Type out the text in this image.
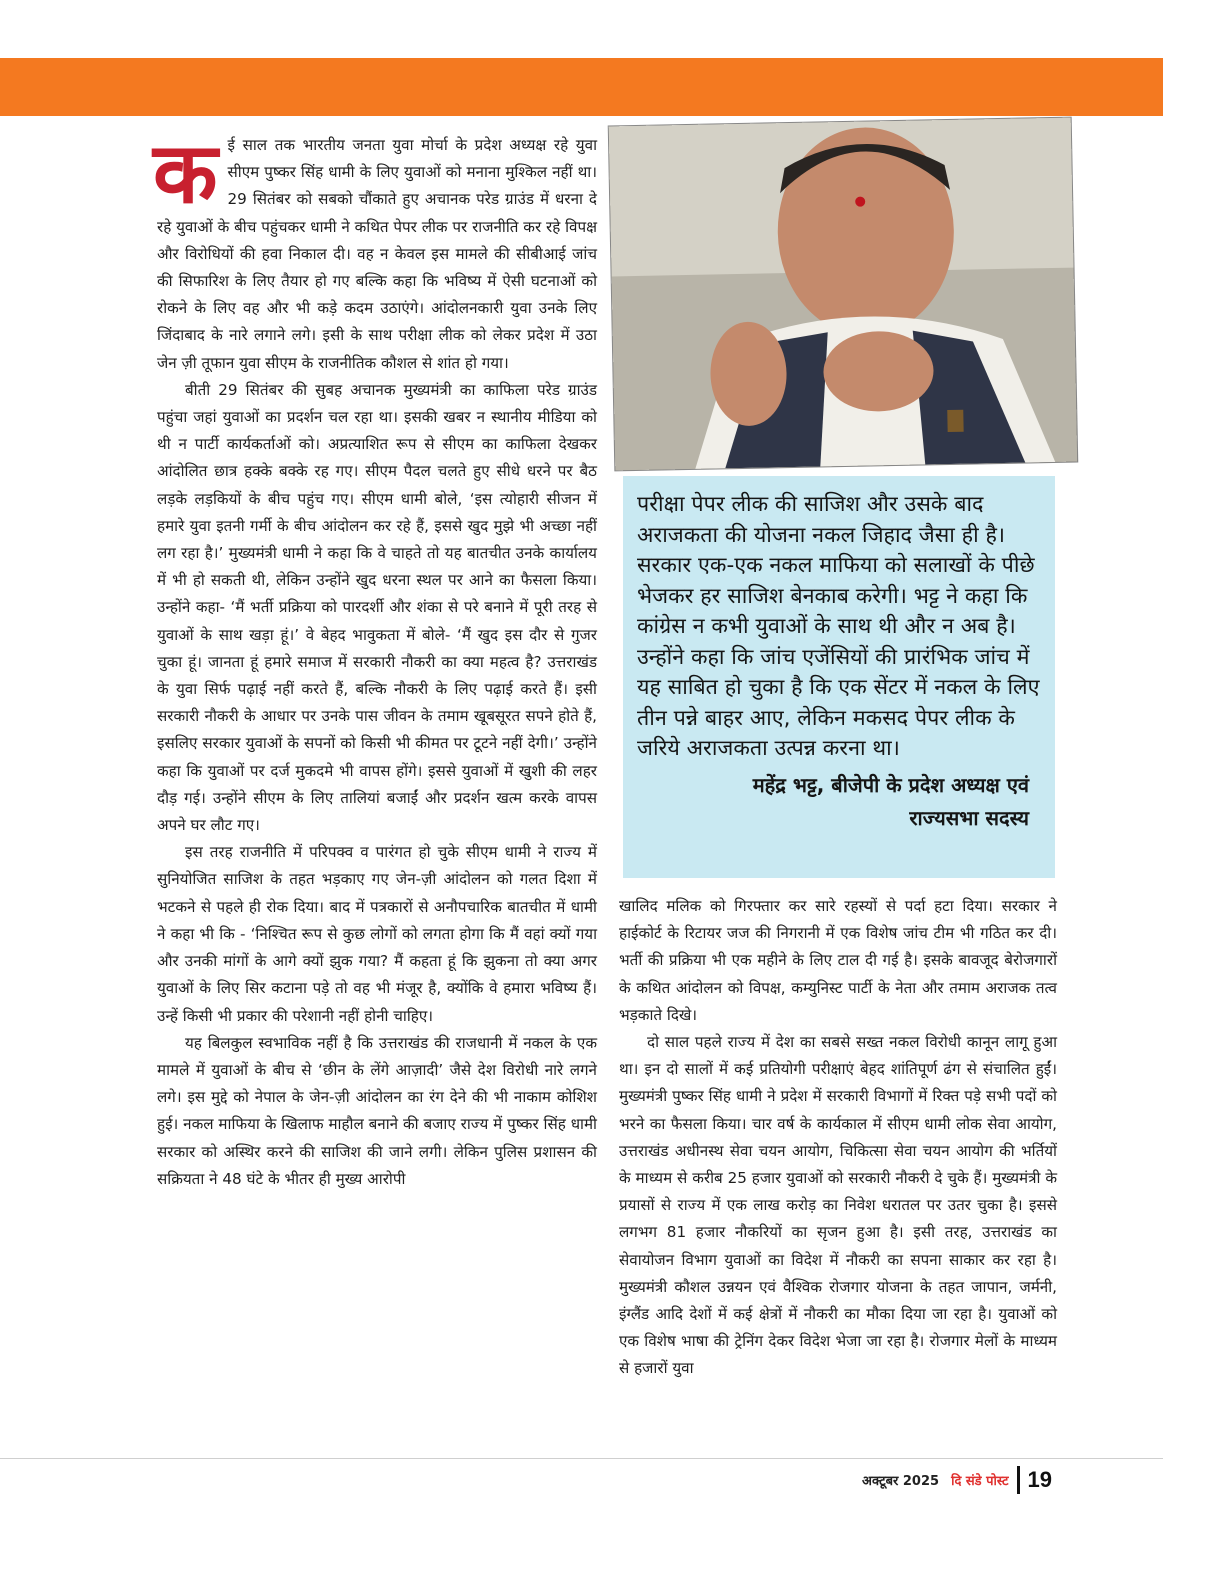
कई साल तक भारतीय जनता युवा मोर्चा के प्रदेश अध्यक्ष रहे युवा सीएम पुष्कर सिंह धामी के लिए युवाओं को मनाना मुश्किल नहीं था। 29 सितंबर को सबको चौंकाते हुए अचानक परेड ग्राउंड में धरना दे रहे युवाओं के बीच पहुंचकर धामी ने कथित पेपर लीक पर राजनीति कर रहे विपक्ष और विरोधियों की हवा निकाल दी। वह न केवल इस मामले की सीबीआई जांच की सिफारिश के लिए तैयार हो गए बल्कि कहा कि भविष्य में ऐसी घटनाओं को रोकने के लिए वह और भी कड़े कदम उठाएंगे। आंदोलनकारी युवा उनके लिए जिंदाबाद के नारे लगाने लगे। इसी के साथ परीक्षा लीक को लेकर प्रदेश में उठा जेन ज़ी तूफान युवा सीएम के राजनीतिक कौशल से शांत हो गया।

बीती 29 सितंबर की सुबह अचानक मुख्यमंत्री का काफिला परेड ग्राउंड पहुंचा जहां युवाओं का प्रदर्शन चल रहा था। इसकी खबर न स्थानीय मीडिया को थी न पार्टी कार्यकर्ताओं को। अप्रत्याशित रूप से सीएम का काफिला देखकर आंदोलित छात्र हक्के बक्के रह गए। सीएम पैदल चलते हुए सीधे धरने पर बैठ लड़के लड़कियों के बीच पहुंच गए। सीएम धामी बोले, ‘इस त्योहारी सीजन में हमारे युवा इतनी गर्मी के बीच आंदोलन कर रहे हैं, इससे खुद मुझे भी अच्छा नहीं लग रहा है।’ मुख्यमंत्री धामी ने कहा कि वे चाहते तो यह बातचीत उनके कार्यालय में भी हो सकती थी, लेकिन उन्होंने खुद धरना स्थल पर आने का फैसला किया। उन्होंने कहा- ‘मैं भर्ती प्रक्रिया को पारदर्शी और शंका से परे बनाने में पूरी तरह से युवाओं के साथ खड़ा हूं।’ वे बेहद भावुकता में बोले- ‘मैं खुद इस दौर से गुजर चुका हूं। जानता हूं हमारे समाज में सरकारी नौकरी का क्या महत्व है? उत्तराखंड के युवा सिर्फ पढ़ाई नहीं करते हैं, बल्कि नौकरी के लिए पढ़ाई करते हैं। इसी सरकारी नौकरी के आधार पर उनके पास जीवन के तमाम खूबसूरत सपने होते हैं, इसलिए सरकार युवाओं के सपनों को किसी भी कीमत पर टूटने नहीं देगी।’ उन्होंने कहा कि युवाओं पर दर्ज मुकदमे भी वापस होंगे। इससे युवाओं में खुशी की लहर दौड़ गई। उन्होंने सीएम के लिए तालियां बजाईं और प्रदर्शन खत्म करके वापस अपने घर लौट गए।

इस तरह राजनीति में परिपक्व व पारंगत हो चुके सीएम धामी ने राज्य में सुनियोजित साजिश के तहत भड़काए गए जेन-ज़ी आंदोलन को गलत दिशा में भटकने से पहले ही रोक दिया। बाद में पत्रकारों से अनौपचारिक बातचीत में धामी ने कहा भी कि - ‘निश्चित रूप से कुछ लोगों को लगता होगा कि मैं वहां क्यों गया और उनकी मांगों के आगे क्यों झुक गया? मैं कहता हूं कि झुकना तो क्या अगर युवाओं के लिए सिर कटाना पड़े तो वह भी मंजूर है, क्योंकि वे हमारा भविष्य हैं। उन्हें किसी भी प्रकार की परेशानी नहीं होनी चाहिए।

यह बिलकुल स्वभाविक नहीं है कि उत्तराखंड की राजधानी में नकल के एक मामले में युवाओं के बीच से ‘छीन के लेंगे आज़ादी’ जैसे देश विरोधी नारे लगने लगे। इस मुद्दे को नेपाल के जेन-ज़ी आंदोलन का रंग देने की भी नाकाम कोशिश हुई। नकल माफिया के खिलाफ माहौल बनाने की बजाए राज्य में पुष्कर सिंह धामी सरकार को अस्थिर करने की साजिश की जाने लगी। लेकिन पुलिस प्रशासन की सक्रियता ने 48 घंटे के भीतर ही मुख्य आरोपी

परीक्षा पेपर लीक की साजिश और उसके बाद अराजकता की योजना नकल जिहाद जैसा ही है। सरकार एक-एक नकल माफिया को सलाखों के पीछे भेजकर हर साजिश बेनकाब करेगी। भट्ट ने कहा कि कांग्रेस न कभी युवाओं के साथ थी और न अब है। उन्होंने कहा कि जांच एजेंसियों की प्रारंभिक जांच में यह साबित हो चुका है कि एक सेंटर में नकल के लिए तीन पन्ने बाहर आए, लेकिन मकसद पेपर लीक के जरिये अराजकता उत्पन्न करना था।

महेंद्र भट्ट, बीजेपी के प्रदेश अध्यक्ष एवं
राज्यसभा सदस्य

खालिद मलिक को गिरफ्तार कर सारे रहस्यों से पर्दा हटा दिया। सरकार ने हाईकोर्ट के रिटायर जज की निगरानी में एक विशेष जांच टीम भी गठित कर दी। भर्ती की प्रक्रिया भी एक महीने के लिए टाल दी गई है। इसके बावजूद बेरोजगारों के कथित आंदोलन को विपक्ष, कम्युनिस्ट पार्टी के नेता और तमाम अराजक तत्व भड़काते दिखे।

दो साल पहले राज्य में देश का सबसे सख्त नकल विरोधी कानून लागू हुआ था। इन दो सालों में कई प्रतियोगी परीक्षाएं बेहद शांतिपूर्ण ढंग से संचालित हुईं। मुख्यमंत्री पुष्कर सिंह धामी ने प्रदेश में सरकारी विभागों में रिक्त पड़े सभी पदों को भरने का फैसला किया। चार वर्ष के कार्यकाल में सीएम धामी लोक सेवा आयोग, उत्तराखंड अधीनस्थ सेवा चयन आयोग, चिकित्सा सेवा चयन आयोग की भर्तियों के माध्यम से करीब 25 हजार युवाओं को सरकारी नौकरी दे चुके हैं। मुख्यमंत्री के प्रयासों से राज्य में एक लाख करोड़ का निवेश धरातल पर उतर चुका है। इससे लगभग 81 हजार नौकरियों का सृजन हुआ है। इसी तरह, उत्तराखंड का सेवायोजन विभाग युवाओं का विदेश में नौकरी का सपना साकार कर रहा है। मुख्यमंत्री कौशल उन्नयन एवं वैश्विक रोजगार योजना के तहत जापान, जर्मनी, इंग्लैंड आदि देशों में कई क्षेत्रों में नौकरी का मौका दिया जा रहा है। युवाओं को एक विशेष भाषा की ट्रेनिंग देकर विदेश भेजा जा रहा है। रोजगार मेलों के माध्यम से हजारों युवा

अक्टूबर 2025 दि संडे पोस्ट 19
